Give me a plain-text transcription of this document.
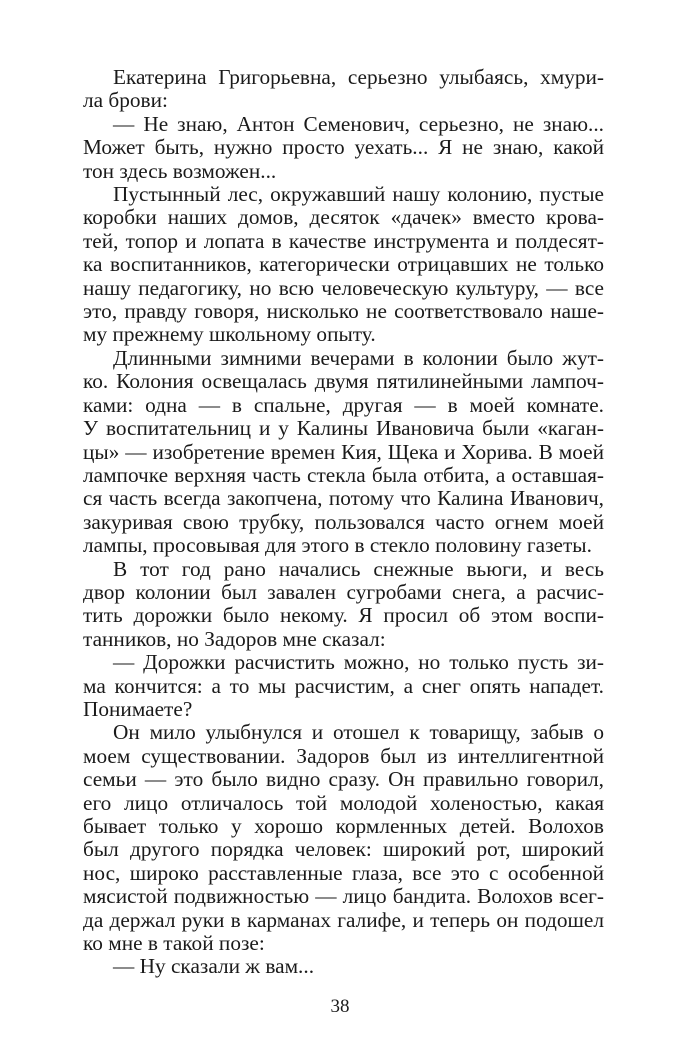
Екатерина Григорьевна, серьезно улыбаясь, хмури-
ла брови:
— Не знаю, Антон Семенович, серьезно, не знаю...
Может быть, нужно просто уехать... Я не знаю, какой
тон здесь возможен...
Пустынный лес, окружавший нашу колонию, пустые
коробки наших домов, десяток «дачек» вместо крова-
тей, топор и лопата в качестве инструмента и полдесят-
ка воспитанников, категорически отрицавших не только
нашу педагогику, но всю человеческую культуру, — все
это, правду говоря, нисколько не соответствовало наше-
му прежнему школьному опыту.
Длинными зимними вечерами в колонии было жут-
ко. Колония освещалась двумя пятилинейными лампоч-
ками: одна — в спальне, другая — в моей комнате.
У воспитательниц и у Калины Ивановича были «каган-
цы» — изобретение времен Кия, Щека и Хорива. В моей
лампочке верхняя часть стекла была отбита, а оставшая-
ся часть всегда закопчена, потому что Калина Иванович,
закуривая свою трубку, пользовался часто огнем моей
лампы, просовывая для этого в стекло половину газеты.
В тот год рано начались снежные вьюги, и весь
двор колонии был завален сугробами снега, а расчис-
тить дорожки было некому. Я просил об этом воспи-
танников, но Задоров мне сказал:
— Дорожки расчистить можно, но только пусть зи-
ма кончится: а то мы расчистим, а снег опять нападет.
Понимаете?
Он мило улыбнулся и отошел к товарищу, забыв о
моем существовании. Задоров был из интеллигентной
семьи — это было видно сразу. Он правильно говорил,
его лицо отличалось той молодой холеностью, какая
бывает только у хорошо кормленных детей. Волохов
был другого порядка человек: широкий рот, широкий
нос, широко расставленные глаза, все это с особенной
мясистой подвижностью — лицо бандита. Волохов всег-
да держал руки в карманах галифе, и теперь он подошел
ко мне в такой позе:
— Ну сказали ж вам...
38
